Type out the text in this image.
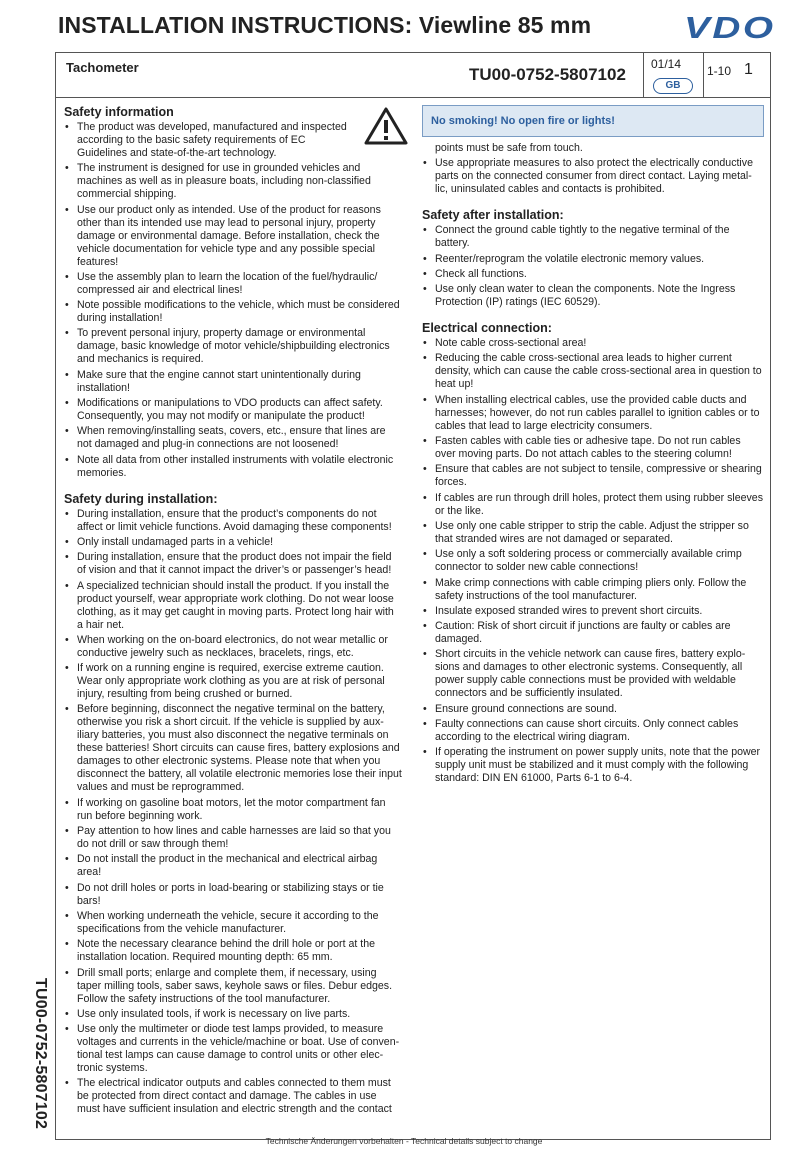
INSTALLATION INSTRUCTIONS: Viewline 85 mm	VDO
Tachometer	TU00-0752-5807102
01/14
GB
1-10 1
TU00-0752-5807102
Safety information
• The product was developed, manufactured and inspected according to the basic safety requirements of EC Guidelines and state-of-the-art technology.
• The instrument is designed for use in grounded vehicles and machines as well as in pleasure boats, including non-classified commercial shipping.
• Use our product only as intended. Use of the product for reasons other than its intended use may lead to personal injury, property damage or environmental damage. Before installation, check the vehicle documentation for vehicle type and any possible special features!
• Use the assembly plan to learn the location of the fuel/hydraulic/ compressed air and electrical lines!
• Note possible modifications to the vehicle, which must be considered during installation!
• To prevent personal injury, property damage or environmental damage, basic knowledge of motor vehicle/shipbuilding electronics and mechanics is required.
• Make sure that the engine cannot start unintentionally during installation!
• Modifications or manipulations to VDO products can affect safety. Consequently, you may not modify or manipulate the product!
• When removing/installing seats, covers, etc., ensure that lines are not damaged and plug-in connections are not loosened!
• Note all data from other installed instruments with volatile electronic memories.
Safety during installation:
• During installation, ensure that the product’s components do not affect or limit vehicle functions. Avoid damaging these components!
• Only install undamaged parts in a vehicle!
• During installation, ensure that the product does not impair the field of vision and that it cannot impact the driver’s or passenger’s head!
• A specialized technician should install the product. If you install the product yourself, wear appropriate work clothing. Do not wear loose clothing, as it may get caught in moving parts. Protect long hair with a hair net.
• When working on the on-board electronics, do not wear metallic or conductive jewelry such as necklaces, bracelets, rings, etc.
• If work on a running engine is required, exercise extreme caution. Wear only appropriate work clothing as you are at risk of personal injury, resulting from being crushed or burned.
• Before beginning, disconnect the negative terminal on the battery, otherwise you risk a short circuit. If the vehicle is supplied by aux-iliary batteries, you must also disconnect the negative terminals on these batteries! Short circuits can cause fires, battery explosions and damages to other electronic systems. Please note that when you disconnect the battery, all volatile electronic memories lose their input values and must be reprogrammed.
• If working on gasoline boat motors, let the motor compartment fan run before beginning work.
• Pay attention to how lines and cable harnesses are laid so that you do not drill or saw through them!
• Do not install the product in the mechanical and electrical airbag area!
• Do not drill holes or ports in load-bearing or stabilizing stays or tie bars!
• When working underneath the vehicle, secure it according to the specifications from the vehicle manufacturer.
• Note the necessary clearance behind the drill hole or port at the installation location. Required mounting depth: 65 mm.
• Drill small ports; enlarge and complete them, if necessary, using taper milling tools, saber saws, keyhole saws or files. Debur edges. Follow the safety instructions of the tool manufacturer.
• Use only insulated tools, if work is necessary on live parts.
• Use only the multimeter or diode test lamps provided, to measure voltages and currents in the vehicle/machine or boat. Use of conven-tional test lamps can cause damage to control units or other elec-tronic systems.
• The electrical indicator outputs and cables connected to them must be protected from direct contact and damage. The cables in use must have sufficient insulation and electric strength and the contact
No smoking! No open fire or lights!
points must be safe from touch.
• Use appropriate measures to also protect the electrically conductive parts on the connected consumer from direct contact. Laying metal-lic, uninsulated cables and contacts is prohibited.
Safety after installation:
• Connect the ground cable tightly to the negative terminal of the battery.
• Reenter/reprogram the volatile electronic memory values.
• Check all functions.
• Use only clean water to clean the components. Note the Ingress Protection (IP) ratings (IEC 60529).
Electrical connection:
• Note cable cross-sectional area!
• Reducing the cable cross-sectional area leads to higher current density, which can cause the cable cross-sectional area in question to heat up!
• When installing electrical cables, use the provided cable ducts and harnesses; however, do not run cables parallel to ignition cables or to cables that lead to large electricity consumers.
• Fasten cables with cable ties or adhesive tape. Do not run cables over moving parts. Do not attach cables to the steering column!
• Ensure that cables are not subject to tensile, compressive or shearing forces.
• If cables are run through drill holes, protect them using rubber sleeves or the like.
• Use only one cable stripper to strip the cable. Adjust the stripper so that stranded wires are not damaged or separated.
• Use only a soft soldering process or commercially available crimp connector to solder new cable connections!
• Make crimp connections with cable crimping pliers only. Follow the safety instructions of the tool manufacturer.
• Insulate exposed stranded wires to prevent short circuits.
• Caution: Risk of short circuit if junctions are faulty or cables are damaged.
• Short circuits in the vehicle network can cause fires, battery explo-sions and damages to other electronic systems. Consequently, all power supply cable connections must be provided with weldable connectors and be sufficiently insulated.
• Ensure ground connections are sound.
• Faulty connections can cause short circuits. Only connect cables according to the electrical wiring diagram.
• If operating the instrument on power supply units, note that the power supply unit must be stabilized and it must comply with the following standard: DIN EN 61000, Parts 6-1 to 6-4.
Technische Änderungen vorbehalten - Technical details subject to change
